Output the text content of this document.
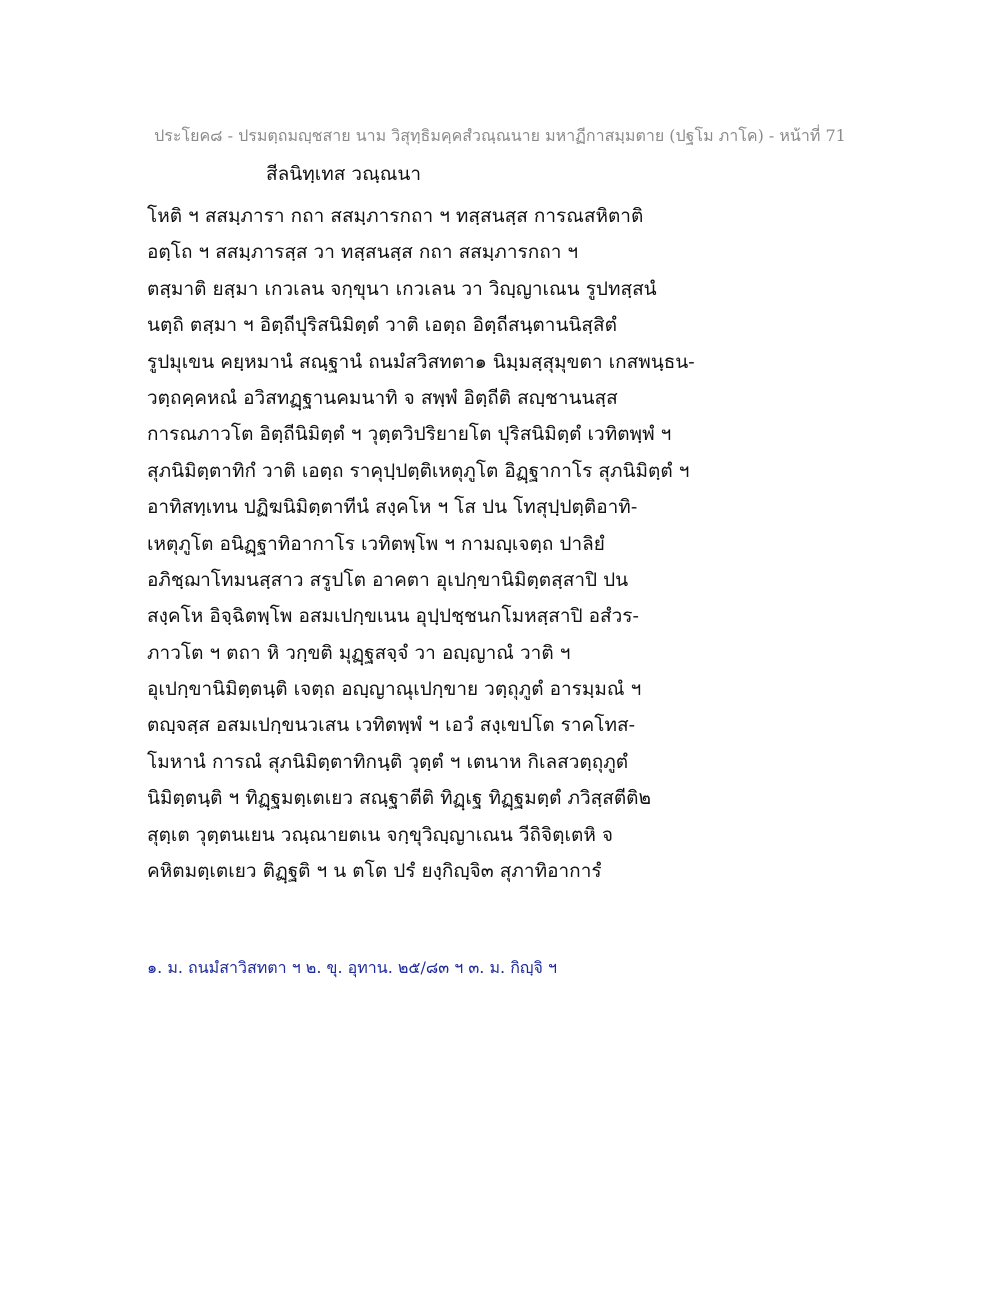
ประโยค๘ - ปรมตฺถมญฺชสาย นาม วิสุทฺธิมคฺคสํวณฺณนาย มหาฏีกาสมฺมตาย (ปฐโม ภาโค) - หน้าที่ 71
สีลนิทฺเทส วณฺณนา
โหติ ฯ สสมฺภารา กถา สสมฺภารกถา ฯ ทสฺสนสฺส การณสหิตาติ
อตฺโถ ฯ สสมฺภารสฺส วา ทสฺสนสฺส กถา สสมฺภารกถา ฯ
ตสฺมาติ ยสฺมา เกวเลน จกฺขุนา เกวเลน วา วิญฺญาเณน รูปทสฺสนํ
นตฺถิ ตสฺมา ฯ อิตฺถีปุริสนิมิตฺตํ วาติ เอตฺถ อิตฺถีสนฺตานนิสฺสิตํ
รูปมุเขน คยฺหมานํ สณฺฐานํ ถนมํสวิสทตา๑ นิมฺมสฺสุมุขตา เกสพนฺธน-
วตฺถคฺคหณํ อวิสทฏฺฐานคมนาทิ จ สพฺพํ อิตฺถีติ สญฺชานนสฺส
การณภาวโต อิตฺถีนิมิตฺตํ ฯ วุตฺตวิปริยายโต ปุริสนิมิตฺตํ เวทิตพฺพํ ฯ
สุภนิมิตฺตาทิกํ วาติ เอตฺถ ราคุปฺปตฺติเหตุภูโต อิฏฺฐากาโร สุภนิมิตฺตํ ฯ
อาทิสทฺเทน ปฏิฆนิมิตฺตาทีนํ สงฺคโห ฯ โส ปน โทสุปฺปตฺติอาทิ-
เหตุภูโต อนิฏฺฐาทิอากาโร เวทิตพฺโพ ฯ กามญฺเจตฺถ ปาลิยํ
อภิชฺฌาโทมนสฺสาว สรูปโต อาคตา อุเปกฺขานิมิตฺตสฺสาปิ ปน
สงฺคโห อิจฺฉิตพฺโพ อสมเปกฺขเนน อุปฺปชฺชนกโมหสฺสาปิ อสํวร-
ภาวโต ฯ ตถา หิ วกฺขติ มุฏฺฐสจฺจํ วา อญฺญาณํ วาติ ฯ
อุเปกฺขานิมิตฺตนฺติ เจตฺถ อญฺญาณุเปกฺขาย วตฺถุภูตํ อารมฺมณํ ฯ
ตญฺจสฺส อสมเปกฺขนวเสน เวทิตพฺพํ ฯ เอวํ สงฺเขปโต ราคโทส-
โมหานํ การณํ สุภนิมิตฺตาทิกนฺติ วุตฺตํ ฯ เตนาห กิเลสวตฺถุภูตํ
นิมิตฺตนฺติ ฯ ทิฏฺฐมตฺเตเยว สณฺฐาตีติ ทิฏฺเฐ ทิฏฺฐมตฺตํ ภวิสฺสตีติ๒
สุตฺเต วุตฺตนเยน วณฺณายตเน จกฺขุวิญฺญาเณน วีถิจิตฺเตหิ จ
คหิตมตฺเตเยว ติฏฺฐติ ฯ น ตโต ปรํ ยงฺกิญฺจิ๓ สุภาทิอาการํ
๑. ม. ถนมํสาวิสทตา ฯ ๒. ขุ. อุทาน. ๒๕/๘๓ ฯ ๓. ม. กิญฺจิ ฯ
